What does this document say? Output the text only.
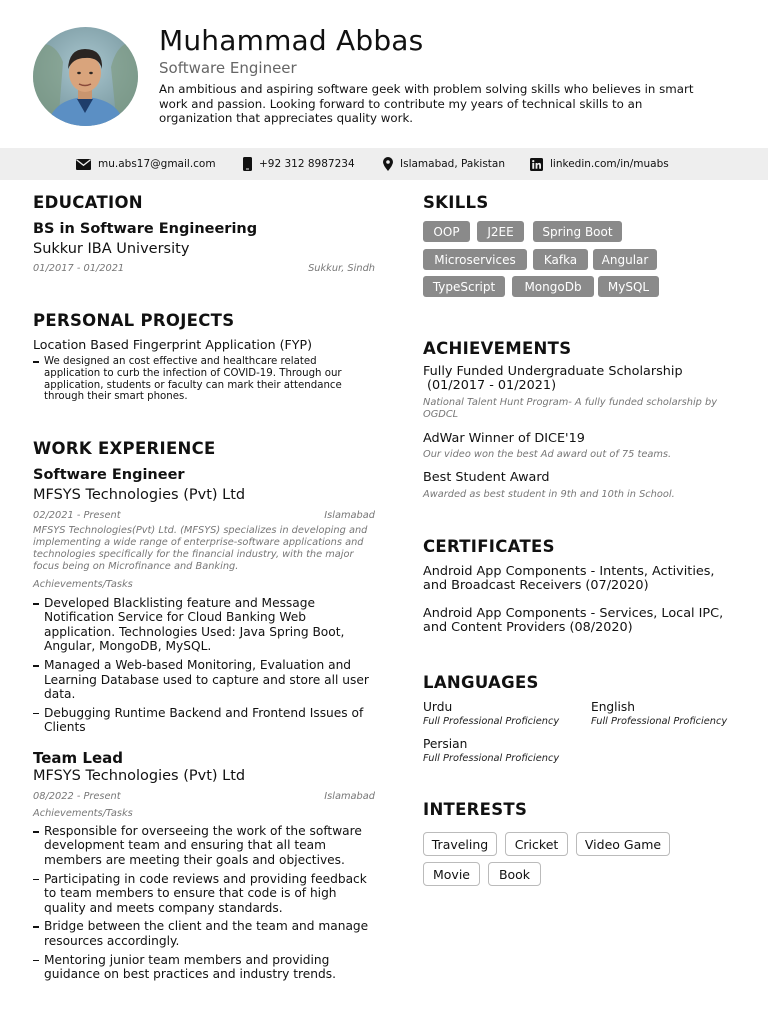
Muhammad Abbas
Software Engineer
An ambitious and aspiring software geek with problem solving skills who believes in smart work and passion. Looking forward to contribute my years of technical skills to an organization that appreciates quality work.
mu.abs17@gmail.com	+92 312 8987234	Islamabad, Pakistan	linkedin.com/in/muabs
EDUCATION
BS in Software Engineering
Sukkur IBA University
01/2017 - 01/2021	Sukkur, Sindh
PERSONAL PROJECTS
Location Based Fingerprint Application (FYP)
We designed an cost effective and healthcare related application to curb the infection of COVID-19. Through our application, students or faculty can mark their attendance through their smart phones.
WORK EXPERIENCE
Software Engineer
MFSYS Technologies (Pvt) Ltd
02/2021 - Present	Islamabad
MFSYS Technologies(Pvt) Ltd. (MFSYS) specializes in developing and implementing a wide range of enterprise-software applications and technologies specifically for the financial industry, with the major focus being on Microfinance and Banking.
Achievements/Tasks
Developed Blacklisting feature and Message Notification Service for Cloud Banking Web application. Technologies Used: Java Spring Boot, Angular, MongoDB, MySQL.
Managed a Web-based Monitoring, Evaluation and Learning Database used to capture and store all user data.
Debugging Runtime Backend and Frontend Issues of Clients
Team Lead
MFSYS Technologies (Pvt) Ltd
08/2022 - Present	Islamabad
Achievements/Tasks
Responsible for overseeing the work of the software development team and ensuring that all team members are meeting their goals and objectives.
Participating in code reviews and providing feedback to team members to ensure that code is of high quality and meets company standards.
Bridge between the client and the team and manage resources accordingly.
Mentoring junior team members and providing guidance on best practices and industry trends.
SKILLS
OOP	J2EE	Spring Boot
Microservices	Kafka	Angular
TypeScript	MongoDb	MySQL
ACHIEVEMENTS
Fully Funded Undergraduate Scholarship
(01/2017 - 01/2021)
National Talent Hunt Program- A fully funded scholarship by OGDCL
AdWar Winner of DICE'19
Our video won the best Ad award out of 75 teams.
Best Student Award
Awarded as best student in 9th and 10th in School.
CERTIFICATES
Android App Components - Intents, Activities, and Broadcast Receivers (07/2020)
Android App Components - Services, Local IPC, and Content Providers (08/2020)
LANGUAGES
Urdu
Full Professional Proficiency
English
Full Professional Proficiency
Persian
Full Professional Proficiency
INTERESTS
Traveling	Cricket	Video Game
Movie	Book
